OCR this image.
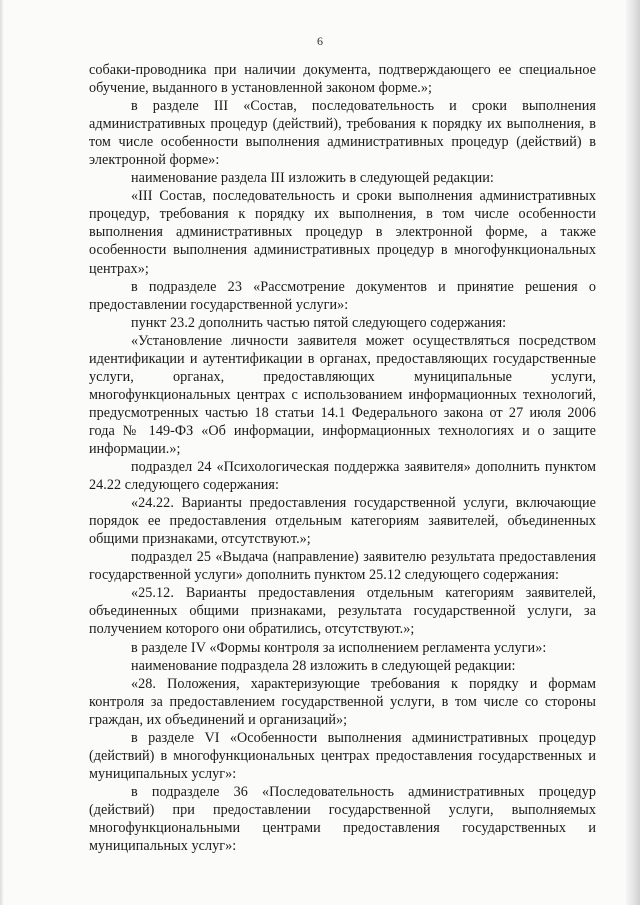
6

собаки-проводника при наличии документа, подтверждающего ее специальное обучение, выданного в установленной законом форме.»;

в разделе III «Состав, последовательность и сроки выполнения административных процедур (действий), требования к порядку их выполнения, в том числе особенности выполнения административных процедур (действий) в электронной форме»:

наименование раздела III изложить в следующей редакции:

«III Состав, последовательность и сроки выполнения административных процедур, требования к порядку их выполнения, в том числе особенности выполнения административных процедур в электронной форме, а также особенности выполнения административных процедур в многофункциональных центрах»;

в подразделе 23 «Рассмотрение документов и принятие решения о предоставлении государственной услуги»:

пункт 23.2 дополнить частью пятой следующего содержания:

«Установление личности заявителя может осуществляться посредством идентификации и аутентификации в органах, предоставляющих государственные услуги, органах, предоставляющих муниципальные услуги, многофункциональных центрах с использованием информационных технологий, предусмотренных частью 18 статьи 14.1 Федерального закона от 27 июля 2006 года № 149-ФЗ «Об информации, информационных технологиях и о защите информации.»;

подраздел 24 «Психологическая поддержка заявителя» дополнить пунктом 24.22 следующего содержания:

«24.22. Варианты предоставления государственной услуги, включающие порядок ее предоставления отдельным категориям заявителей, объединенных общими признаками, отсутствуют.»;

подраздел 25 «Выдача (направление) заявителю результата предоставления государственной услуги» дополнить пунктом 25.12 следующего содержания:

«25.12. Варианты предоставления отдельным категориям заявителей, объединенных общими признаками, результата государственной услуги, за получением которого они обратились, отсутствуют.»;

в разделе IV «Формы контроля за исполнением регламента услуги»:

наименование подраздела 28 изложить в следующей редакции:

«28. Положения, характеризующие требования к порядку и формам контроля за предоставлением государственной услуги, в том числе со стороны граждан, их объединений и организаций»;

в разделе VI «Особенности выполнения административных процедур (действий) в многофункциональных центрах предоставления государственных и муниципальных услуг»:

в подразделе 36 «Последовательность административных процедур (действий) при предоставлении государственной услуги, выполняемых многофункциональными центрами предоставления государственных и муниципальных услуг»:
